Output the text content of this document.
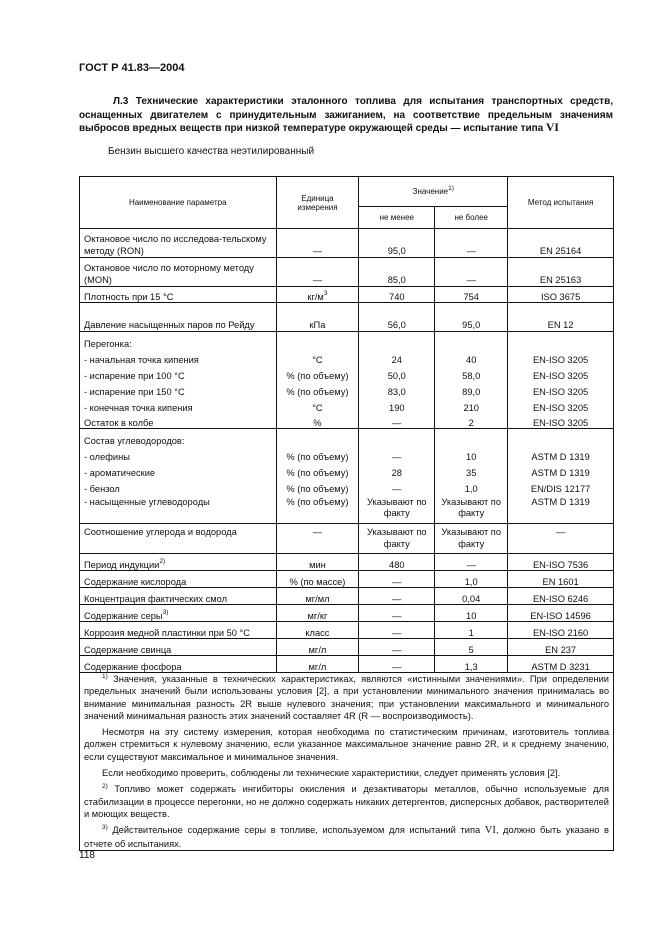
ГОСТ Р 41.83—2004
Л.3 Технические характеристики эталонного топлива для испытания транспортных средств, оснащенных двигателем с принудительным зажиганием, на соответствие предельным значениям выбросов вредных веществ при низкой температуре окружающей среды — испытание типа VI
Бензин высшего качества неэтилированный
Наименование параметра	Единица измерения	Значение$^{1)}$		Метод испытания
		не менее	не более	
Октановое число по исследова-тельскому методу (RON)	—	95,0	—	EN 25164
Октановое число по моторному методу (MON)	—	85,0	—	EN 25163
Плотность при 15 °С	$кг/м^3$	740	754	ISO 3675
Давление насыщенных паров по Рейду	кПа	56,0	95,0	EN 12
Перегонка:				
- начальная точка кипения	°С	24	40	EN-ISO 3205
- испарение при 100 °С	% (по объему)	50,0	58,0	EN-ISO 3205
- испарение при 150 °С	% (по объему)	83,0	89,0	EN-ISO 3205
- конечная точка кипения	°С	190	210	EN-ISO 3205
Остаток в колбе	%	—	2	EN-ISO 3205
Состав углеводородов:				
- олефины	% (по объему)	—	10	ASTM D 1319
- ароматические	% (по объему)	28	35	ASTM D 1319
- бензол	% (по объему)	—	1,0	EN/DIS 12177
- насыщенные углеводороды	% (по объему)	Указывают по факту	Указывают по факту	ASTM D 1319
Соотношение углерода и водорода	—	Указывают по факту	Указывают по факту	—
Период индукции$^{2)}$	мин	480	—	EN-ISO 7536
Содержание кислорода	% (по массе)	—	1,0	EN 1601
Концентрация фактических смол	мг/мл	—	0,04	EN-ISO 6246
Содержание серы$^{3)}$	мг/кг	—	10	EN-ISO 14596
Коррозия медной пластинки при 50 °С	класс	—	1	EN-ISO 2160
Содержание свинца	мг/л	—	5	EN 237
Содержание фосфора	мг/л	—	1,3	ASTM D 3231

$^{1)}$ Значения, указанные в технических характеристиках, являются «истинными значениями». При определении предельных значений были использованы условия [2], а при установлении минимального значения принималась во внимание минимальная разность 2R выше нулевого значения; при установлении максимального и минимального значений минимальная разность этих значений составляет 4R (R — воспроизводимость).

Несмотря на эту систему измерения, которая необходима по статистическим причинам, изготовитель топлива должен стремиться к нулевому значению, если указанное максимальное значение равно 2R, и к среднему значению, если существуют максимальное и минимальное значения.

Если необходимо проверить, соблюдены ли технические характеристики, следует применять условия [2].

$^{2)}$ Топливо может содержать ингибиторы окисления и дезактиваторы металлов, обычно используемые для стабилизации в процессе перегонки, но не должно содержать никаких детергентов, дисперсных добавок, растворителей и моющих веществ.

$^{3)}$ Действительное содержание серы в топливе, используемом для испытаний типа VI, должно быть указано в отчете об испытаниях.				

118
